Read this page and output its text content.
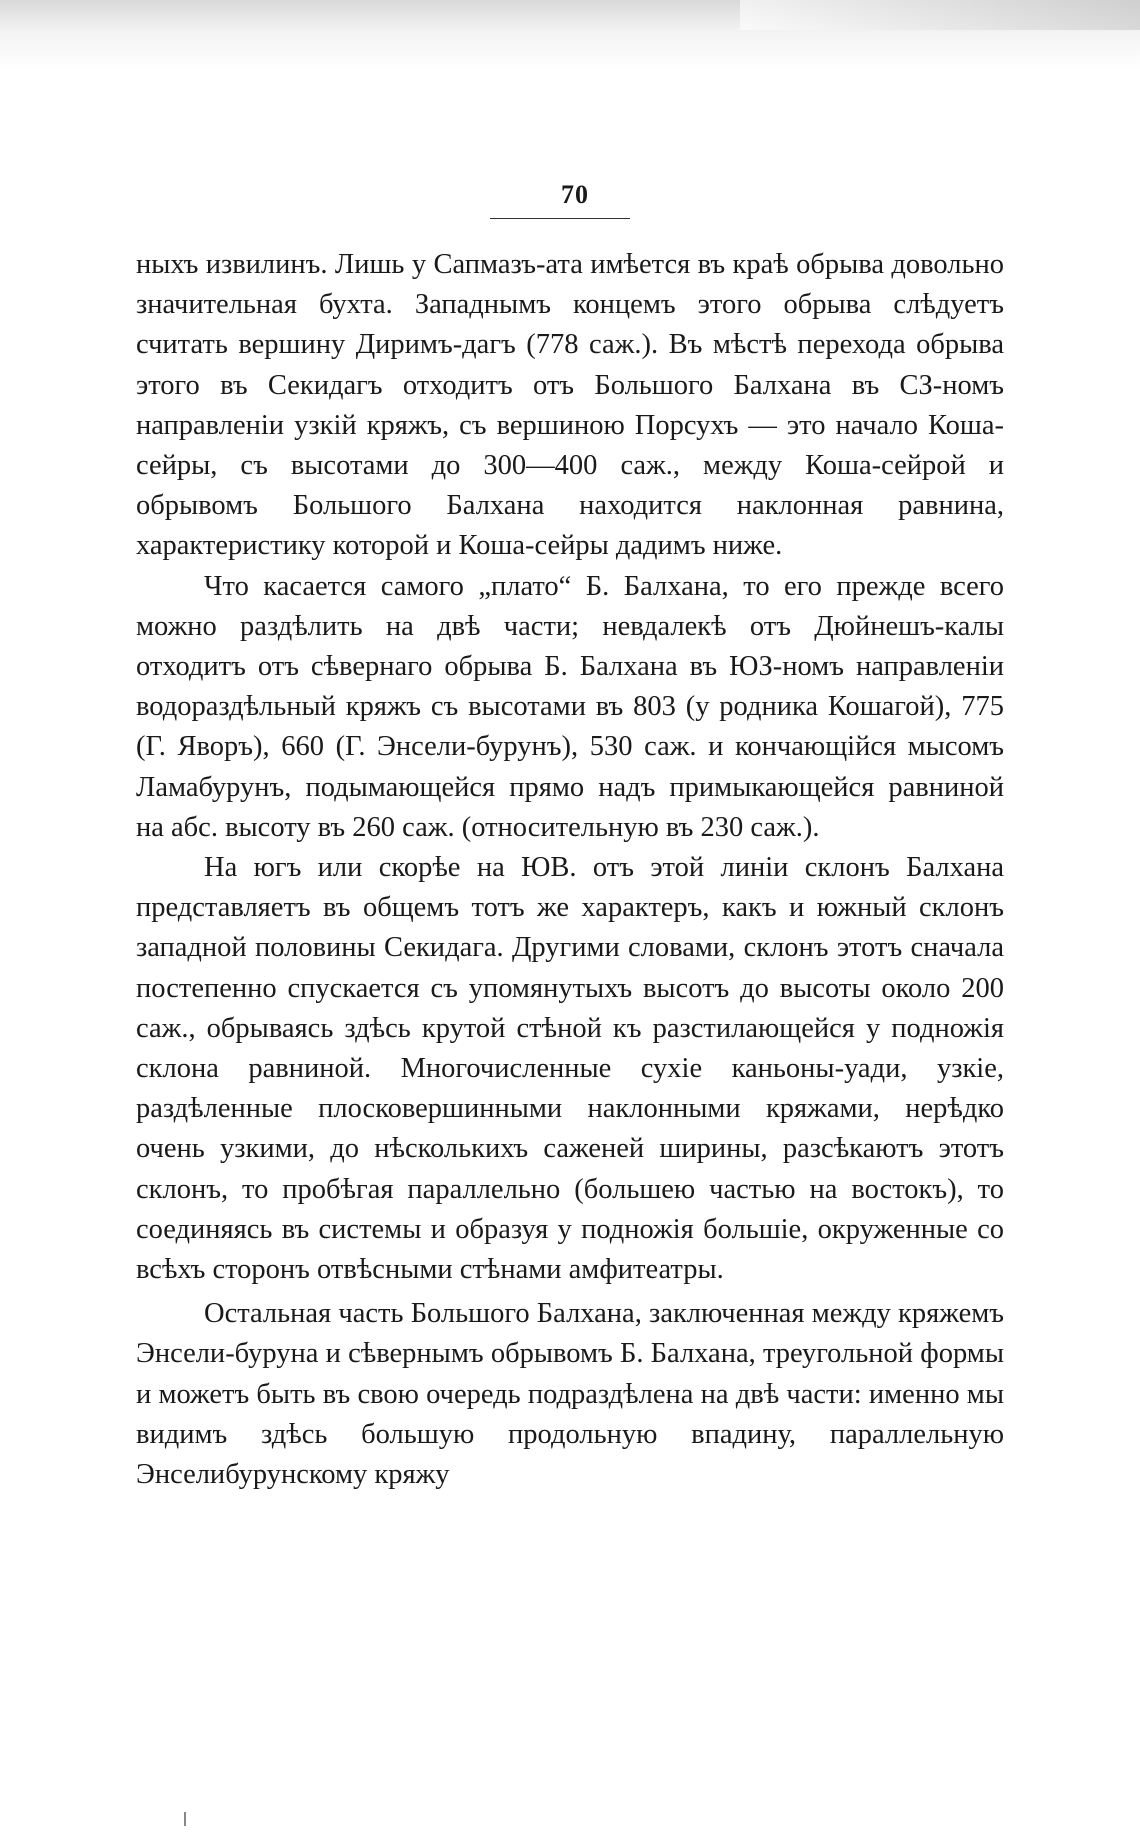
70

ныхъ извилинъ. Лишь у Сапмазъ-ата имѣется въ краѣ обрыва довольно значительная бухта. Западнымъ концемъ этого обрыва слѣдуетъ считать вершину Диримъ-дагъ (778 саж.). Въ мѣстѣ перехода обрыва этого въ Секидагъ отходитъ отъ Большого Балхана въ СЗ-номъ направленіи узкій кряжъ, съ вершиною Порсухъ — это начало Коша-сейры, съ высотами до 300—400 саж., между Коша-сейрой и обрывомъ Большого Балхана находится наклонная равнина, характеристику которой и Коша-сейры дадимъ ниже.

Что касается самого „плато“ Б. Балхана, то его прежде всего можно раздѣлить на двѣ части; невдалекѣ отъ Дюйнешъ-калы отходитъ отъ сѣвернаго обрыва Б. Балхана въ ЮЗ-номъ направленіи водораздѣльный кряжъ съ высотами въ 803 (у родника Кошагой), 775 (Г. Яворъ), 660 (Г. Энсели-бурунъ), 530 саж. и кончающійся мысомъ Ламабурунъ, подымающейся прямо надъ примыкающейся равниной на абс. высоту въ 260 саж. (относительную въ 230 саж.).

На югъ или скорѣе на ЮВ. отъ этой линіи склонъ Балхана представляетъ въ общемъ тотъ же характеръ, какъ и южный склонъ западной половины Секидага. Другими словами, склонъ этотъ сначала постепенно спускается съ упомянутыхъ высотъ до высоты около 200 саж., обрываясь здѣсь крутой стѣной къ разстилающейся у подножія склона равниной. Многочисленные сухіе каньоны-уади, узкіе, раздѣленные плосковершинными наклонными кряжами, нерѣдко очень узкими, до нѣсколькихъ саженей ширины, разсѣкаютъ этотъ склонъ, то пробѣгая параллельно (большею частью на востокъ), то соединяясь въ системы и образуя у подножія большіе, окруженные со всѣхъ сторонъ отвѣсными стѣнами амфитеатры.

Остальная часть Большого Балхана, заключенная между кряжемъ Энсели-буруна и сѣвернымъ обрывомъ Б. Балхана, треугольной формы и можетъ быть въ свою очередь подраздѣлена на двѣ части: именно мы видимъ здѣсь большую продольную впадину, параллельную Энселибурунскому кряжу
